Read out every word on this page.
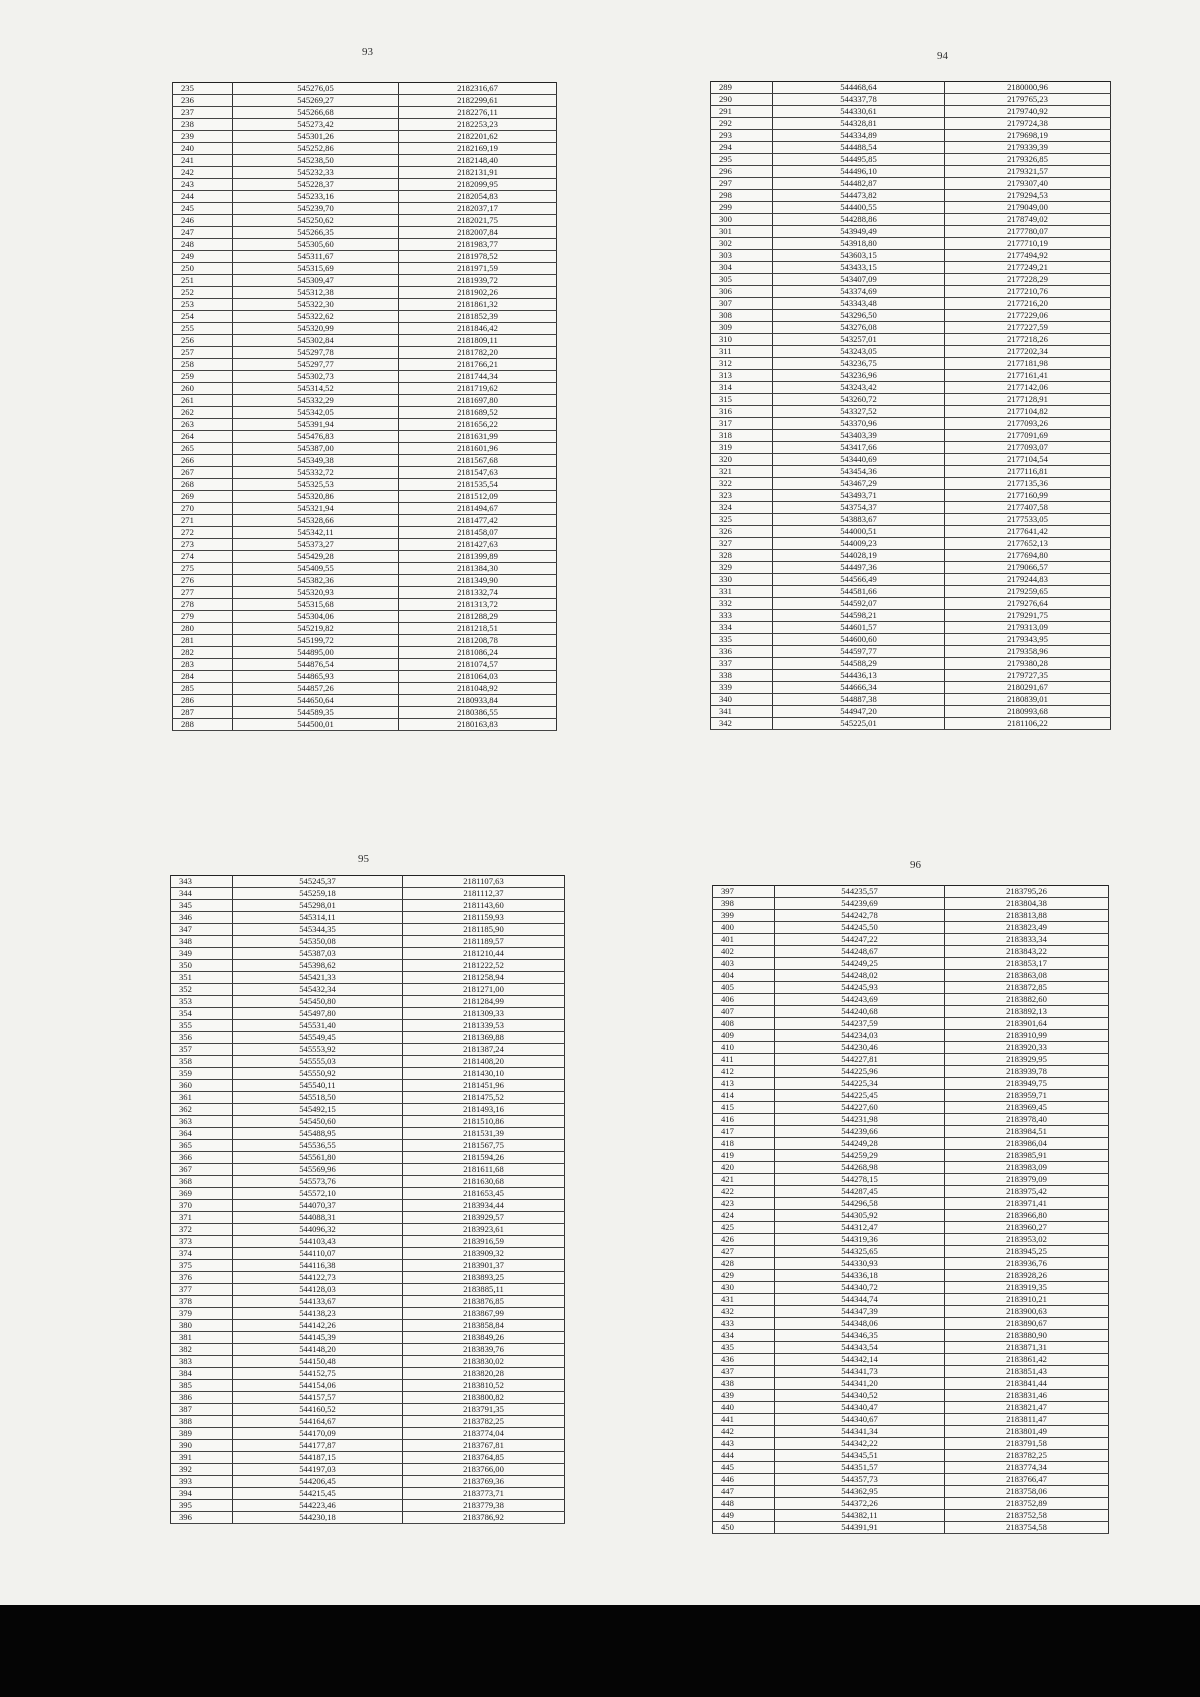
93
235	545276,05	2182316,67
236	545269,27	2182299,61
237	545266,68	2182276,11
238	545273,42	2182253,23
239	545301,26	2182201,62
240	545252,86	2182169,19
241	545238,50	2182148,40
242	545232,33	2182131,91
243	545228,37	2182099,95
244	545233,16	2182054,83
245	545239,70	2182037,17
246	545250,62	2182021,75
247	545266,35	2182007,84
248	545305,60	2181983,77
249	545311,67	2181978,52
250	545315,69	2181971,59
251	545309,47	2181939,72
252	545312,38	2181902,26
253	545322,30	2181861,32
254	545322,62	2181852,39
255	545320,99	2181846,42
256	545302,84	2181809,11
257	545297,78	2181782,20
258	545297,77	2181766,21
259	545302,73	2181744,34
260	545314,52	2181719,62
261	545332,29	2181697,80
262	545342,05	2181689,52
263	545391,94	2181656,22
264	545476,83	2181631,99
265	545387,00	2181601,96
266	545349,38	2181567,68
267	545332,72	2181547,63
268	545325,53	2181535,54
269	545320,86	2181512,09
270	545321,94	2181494,67
271	545328,66	2181477,42
272	545342,11	2181458,07
273	545373,27	2181427,63
274	545429,28	2181399,89
275	545409,55	2181384,30
276	545382,36	2181349,90
277	545320,93	2181332,74
278	545315,68	2181313,72
279	545304,06	2181288,29
280	545219,82	2181218,51
281	545199,72	2181208,78
282	544895,00	2181086,24
283	544876,54	2181074,57
284	544865,93	2181064,03
285	544857,26	2181048,92
286	544650,64	2180933,84
287	544589,35	2180386,55
288	544500,01	2180163,83
94
289	544468,64	2180000,96
290	544337,78	2179765,23
291	544330,61	2179740,92
292	544328,81	2179724,38
293	544334,89	2179698,19
294	544488,54	2179339,39
295	544495,85	2179326,85
296	544496,10	2179321,57
297	544482,87	2179307,40
298	544473,82	2179294,53
299	544400,55	2179049,00
300	544288,86	2178749,02
301	543949,49	2177780,07
302	543918,80	2177710,19
303	543603,15	2177494,92
304	543433,15	2177249,21
305	543407,09	2177228,29
306	543374,69	2177210,76
307	543343,48	2177216,20
308	543296,50	2177229,06
309	543276,08	2177227,59
310	543257,01	2177218,26
311	543243,05	2177202,34
312	543236,75	2177181,98
313	543236,96	2177161,41
314	543243,42	2177142,06
315	543260,72	2177128,91
316	543327,52	2177104,82
317	543370,96	2177093,26
318	543403,39	2177091,69
319	543417,66	2177093,07
320	543440,69	2177104,54
321	543454,36	2177116,81
322	543467,29	2177135,36
323	543493,71	2177160,99
324	543754,37	2177407,58
325	543883,67	2177533,05
326	544000,51	2177641,42
327	544009,23	2177652,13
328	544028,19	2177694,80
329	544497,36	2179066,57
330	544566,49	2179244,83
331	544581,66	2179259,65
332	544592,07	2179276,64
333	544598,21	2179291,75
334	544601,57	2179313,09
335	544600,60	2179343,95
336	544597,77	2179358,96
337	544588,29	2179380,28
338	544436,13	2179727,35
339	544666,34	2180291,67
340	544887,38	2180839,01
341	544947,20	2180993,68
342	545225,01	2181106,22
95
343	545245,37	2181107,63
344	545259,18	2181112,37
345	545298,01	2181143,60
346	545314,11	2181159,93
347	545344,35	2181185,90
348	545350,08	2181189,57
349	545387,03	2181210,44
350	545398,62	2181222,52
351	545421,33	2181258,94
352	545432,34	2181271,00
353	545450,80	2181284,99
354	545497,80	2181309,33
355	545531,40	2181339,53
356	545549,45	2181369,88
357	545553,92	2181387,24
358	545555,03	2181408,20
359	545550,92	2181430,10
360	545540,11	2181451,96
361	545518,50	2181475,52
362	545492,15	2181493,16
363	545450,60	2181510,86
364	545488,95	2181531,39
365	545536,55	2181567,75
366	545561,80	2181594,26
367	545569,96	2181611,68
368	545573,76	2181630,68
369	545572,10	2181653,45
370	544070,37	2183934,44
371	544088,31	2183929,57
372	544096,32	2183923,61
373	544103,43	2183916,59
374	544110,07	2183909,32
375	544116,38	2183901,37
376	544122,73	2183893,25
377	544128,03	2183885,11
378	544133,67	2183876,85
379	544138,23	2183867,99
380	544142,26	2183858,84
381	544145,39	2183849,26
382	544148,20	2183839,76
383	544150,48	2183830,02
384	544152,75	2183820,28
385	544154,06	2183810,52
386	544157,57	2183800,82
387	544160,52	2183791,35
388	544164,67	2183782,25
389	544170,09	2183774,04
390	544177,87	2183767,81
391	544187,15	2183764,85
392	544197,03	2183766,00
393	544206,45	2183769,36
394	544215,45	2183773,71
395	544223,46	2183779,38
396	544230,18	2183786,92
96
397	544235,57	2183795,26
398	544239,69	2183804,38
399	544242,78	2183813,88
400	544245,50	2183823,49
401	544247,22	2183833,34
402	544248,67	2183843,22
403	544249,25	2183853,17
404	544248,02	2183863,08
405	544245,93	2183872,85
406	544243,69	2183882,60
407	544240,68	2183892,13
408	544237,59	2183901,64
409	544234,03	2183910,99
410	544230,46	2183920,33
411	544227,81	2183929,95
412	544225,96	2183939,78
413	544225,34	2183949,75
414	544225,45	2183959,71
415	544227,60	2183969,45
416	544231,98	2183978,40
417	544239,66	2183984,51
418	544249,28	2183986,04
419	544259,29	2183985,91
420	544268,98	2183983,09
421	544278,15	2183979,09
422	544287,45	2183975,42
423	544296,58	2183971,41
424	544305,92	2183966,80
425	544312,47	2183960,27
426	544319,36	2183953,02
427	544325,65	2183945,25
428	544330,93	2183936,76
429	544336,18	2183928,26
430	544340,72	2183919,35
431	544344,74	2183910,21
432	544347,39	2183900,63
433	544348,06	2183890,67
434	544346,35	2183880,90
435	544343,54	2183871,31
436	544342,14	2183861,42
437	544341,73	2183851,43
438	544341,20	2183841,44
439	544340,52	2183831,46
440	544340,47	2183821,47
441	544340,67	2183811,47
442	544341,34	2183801,49
443	544342,22	2183791,58
444	544345,51	2183782,25
445	544351,57	2183774,34
446	544357,73	2183766,47
447	544362,95	2183758,06
448	544372,26	2183752,89
449	544382,11	2183752,58
450	544391,91	2183754,58
